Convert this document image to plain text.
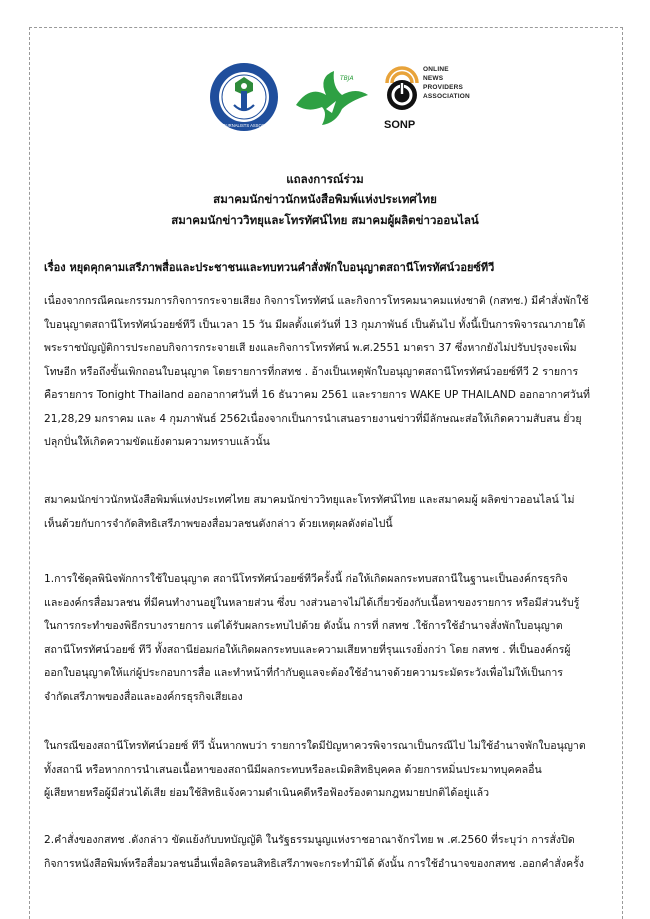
THAI JOURNALISTS ASSOCIATION
TBJA
ONLINE
NEWS
PROVIDERS
ASSOCIATION
SONP
แถลงการณ์ร่วม
สมาคมนักข่าวนักหนังสือพิมพ์แห่งประเทศไทย
สมาคมนักข่าววิทยุและโทรทัศน์ไทย สมาคมผู้ผลิตข่าวออนไลน์
เรื่อง หยุดคุกคามเสรีภาพสื่อและประชาชนและทบทวนคำสั่งพักใบอนุญาตสถานีโทรทัศน์วอยซ์ทีวี
เนื่องจากกรณีคณะกรรมการกิจการกระจายเสียง กิจการโทรทัศน์ และกิจการโทรคมนาคมแห่งชาติ (กสทช.) มีคำสั่งพักใช้
ใบอนุญาตสถานีโทรทัศน์วอยซ์ทีวี เป็นเวลา 15 วัน มีผลตั้งแต่วันที่ 13 กุมภาพันธ์ เป็นต้นไป ทั้งนี้เป็นการพิจารณาภายใต้
พระราชบัญญัติการประกอบกิจการกระจายเสี ยงและกิจการโทรทัศน์ พ.ศ.2551 มาตรา 37 ซึ่งหากยังไม่ปรับปรุงจะเพิ่ม
โทษอีก หรือถึงขั้นเพิกถอนใบอนุญาต โดยรายการที่กสทช . อ้างเป็นเหตุพักใบอนุญาตสถานีโทรทัศน์วอยซ์ทีวี 2 รายการ
คือรายการ Tonight Thailand ออกอากาศวันที่ 16 ธันวาคม 2561 และรายการ WAKE UP THAILAND ออกอากาศวันที่
21,28,29 มกราคม และ 4 กุมภาพันธ์ 2562เนื่องจากเป็นการนำเสนอรายงานข่าวที่มีลักษณะส่อให้เกิดความสับสน ยั่วยุ
ปลุกปั่นให้เกิดความขัดแย้งตามความทราบแล้วนั้น
สมาคมนักข่าวนักหนังสือพิมพ์แห่งประเทศไทย สมาคมนักข่าววิทยุและโทรทัศน์ไทย และสมาคมผู้ ผลิตข่าวออนไลน์ ไม่
เห็นด้วยกับการจำกัดสิทธิเสรีภาพของสื่อมวลชนดังกล่าว ด้วยเหตุผลดังต่อไปนี้
1.การใช้ดุลพินิจพักการใช้ใบอนุญาต สถานีโทรทัศน์วอยซ์ทีวีครั้งนี้ ก่อให้เกิดผลกระทบสถานีในฐานะเป็นองค์กรธุรกิจ
และองค์กรสื่อมวลชน ที่มีคนทำงานอยู่ในหลายส่วน ซึ่งบ างส่วนอาจไม่ได้เกี่ยวข้องกับเนื้อหาของรายการ หรือมีส่วนรับรู้
ในการกระทำของพิธีกรบางรายการ แต่ได้รับผลกระทบไปด้วย ดังนั้น การที่ กสทช .ใช้การใช้อำนาจสั่งพักใบอนุญาต
สถานีโทรทัศน์วอยซ์ ทีวี ทั้งสถานีย่อมก่อให้เกิดผลกระทบและความเสียหายที่รุนแรงยิ่งกว่า โดย กสทช . ที่เป็นองค์กรผู้
ออกใบอนุญาตให้แก่ผู้ประกอบการสื่อ และทำหน้าที่กำกับดูแลจะต้องใช้อำนาจด้วยความระมัดระวังเพื่อไม่ให้เป็นการ
จำกัดเสรีภาพของสื่อและองค์กรธุรกิจเสียเอง
ในกรณีของสถานีโทรทัศน์วอยซ์ ทีวี นั้นหากพบว่า รายการใดมีปัญหาควรพิจารณาเป็นกรณีไป ไม่ใช้อำนาจพักใบอนุญาต
ทั้งสถานี หรือหากการนำเสนอเนื้อหาของสถานีมีผลกระทบหรือละเมิดสิทธิบุคคล ด้วยการหมิ่นประมาทบุคคลอื่น
ผู้เสียหายหรือผู้มีส่วนได้เสีย ย่อมใช้สิทธิแจ้งความดำเนินคดีหรือฟ้องร้องตามกฎหมายปกติได้อยู่แล้ว
2.คำสั่งของกสทช .ดังกล่าว ขัดแย้งกับบทบัญญัติ ในรัฐธรรมนูญแห่งราชอาณาจักรไทย พ .ศ.2560 ที่ระบุว่า การสั่งปิด
กิจการหนังสือพิมพ์หรือสื่อมวลชนอื่นเพื่อลิดรอนสิทธิเสรีภาพจะกระทำมิได้ ดังนั้น การใช้อำนาจของกสทช .ออกคำสั่งครั้ง
